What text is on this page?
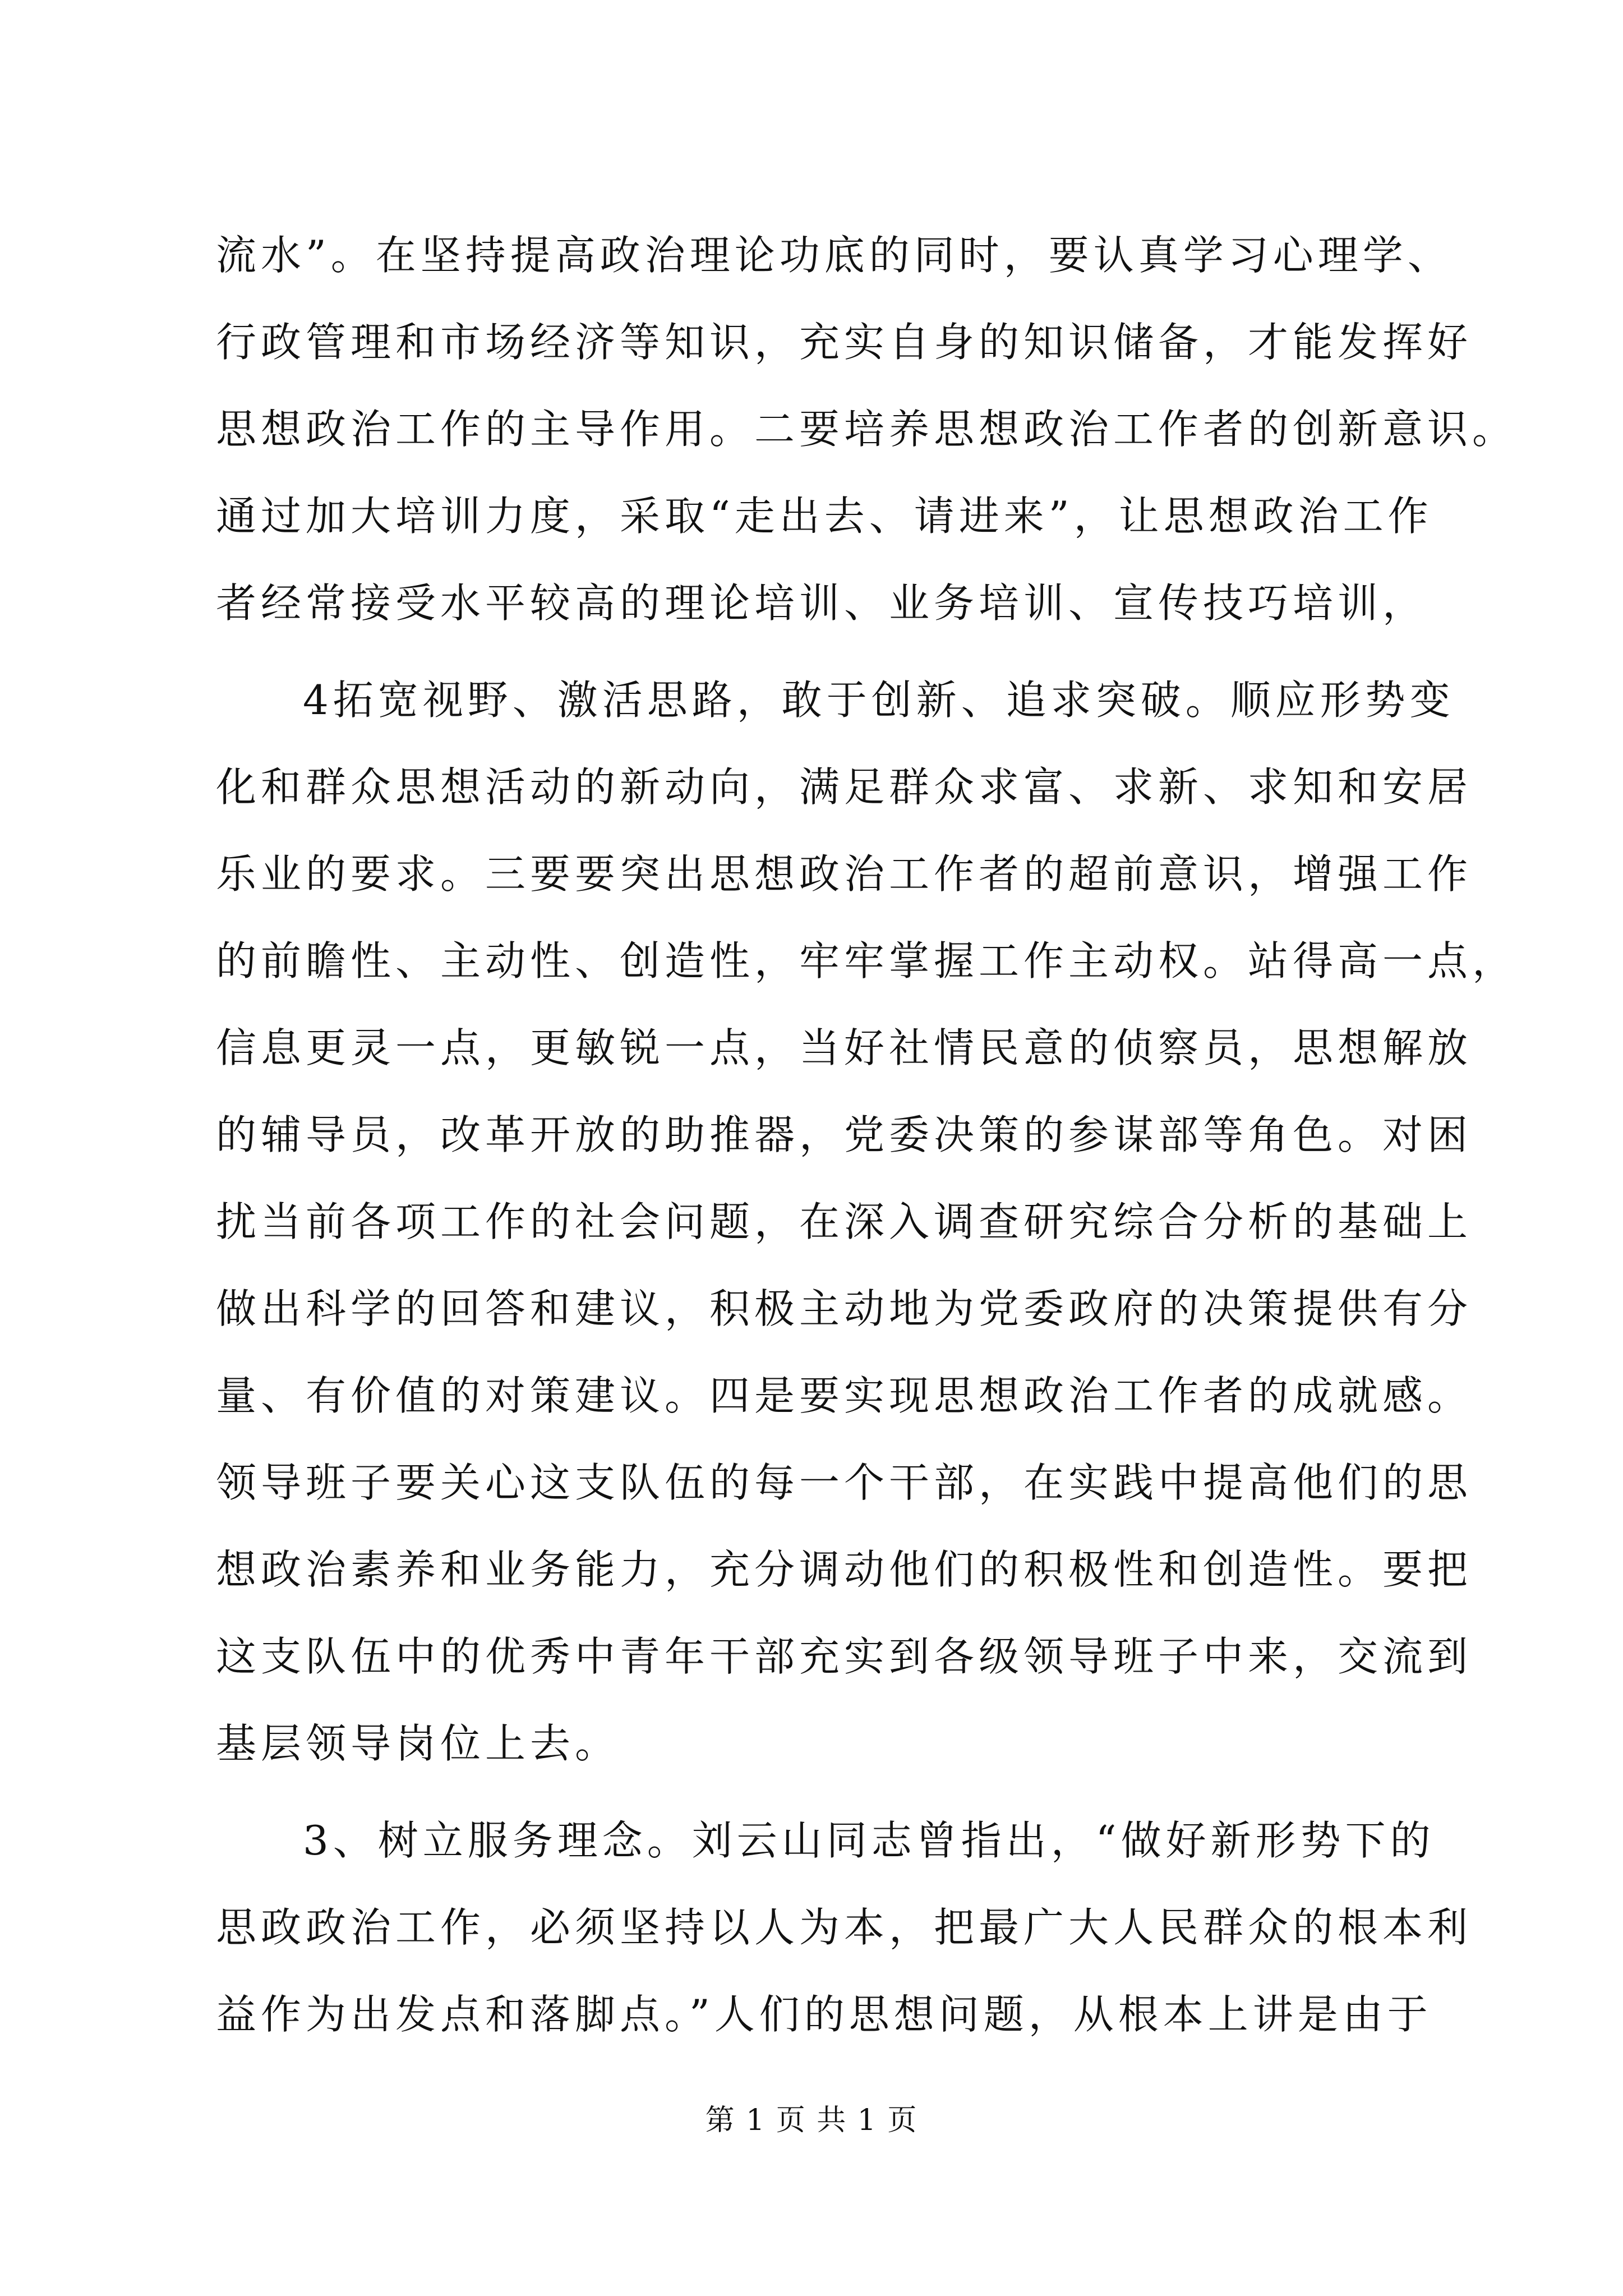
流水”。在坚持提高政治理论功底的同时，要认真学习心理学、
行政管理和市场经济等知识，充实自身的知识储备，才能发挥好
思想政治工作的主导作用。二要培养思想政治工作者的创新意识。
通过加大培训力度，采取“走出去、请进来”，让思想政治工作
者经常接受水平较高的理论培训、业务培训、宣传技巧培训，
4拓宽视野、激活思路，敢于创新、追求突破。顺应形势变
化和群众思想活动的新动向，满足群众求富、求新、求知和安居
乐业的要求。三要要突出思想政治工作者的超前意识，增强工作
的前瞻性、主动性、创造性，牢牢掌握工作主动权。站得高一点，
信息更灵一点，更敏锐一点，当好社情民意的侦察员，思想解放
的辅导员，改革开放的助推器，党委决策的参谋部等角色。对困
扰当前各项工作的社会问题，在深入调查研究综合分析的基础上
做出科学的回答和建议，积极主动地为党委政府的决策提供有分
量、有价值的对策建议。四是要实现思想政治工作者的成就感。
领导班子要关心这支队伍的每一个干部，在实践中提高他们的思
想政治素养和业务能力，充分调动他们的积极性和创造性。要把
这支队伍中的优秀中青年干部充实到各级领导班子中来，交流到
基层领导岗位上去。
3、树立服务理念。刘云山同志曾指出，“做好新形势下的
思政政治工作，必须坚持以人为本，把最广大人民群众的根本利
益作为出发点和落脚点。”人们的思想问题，从根本上讲是由于
第 1 页 共 1 页
